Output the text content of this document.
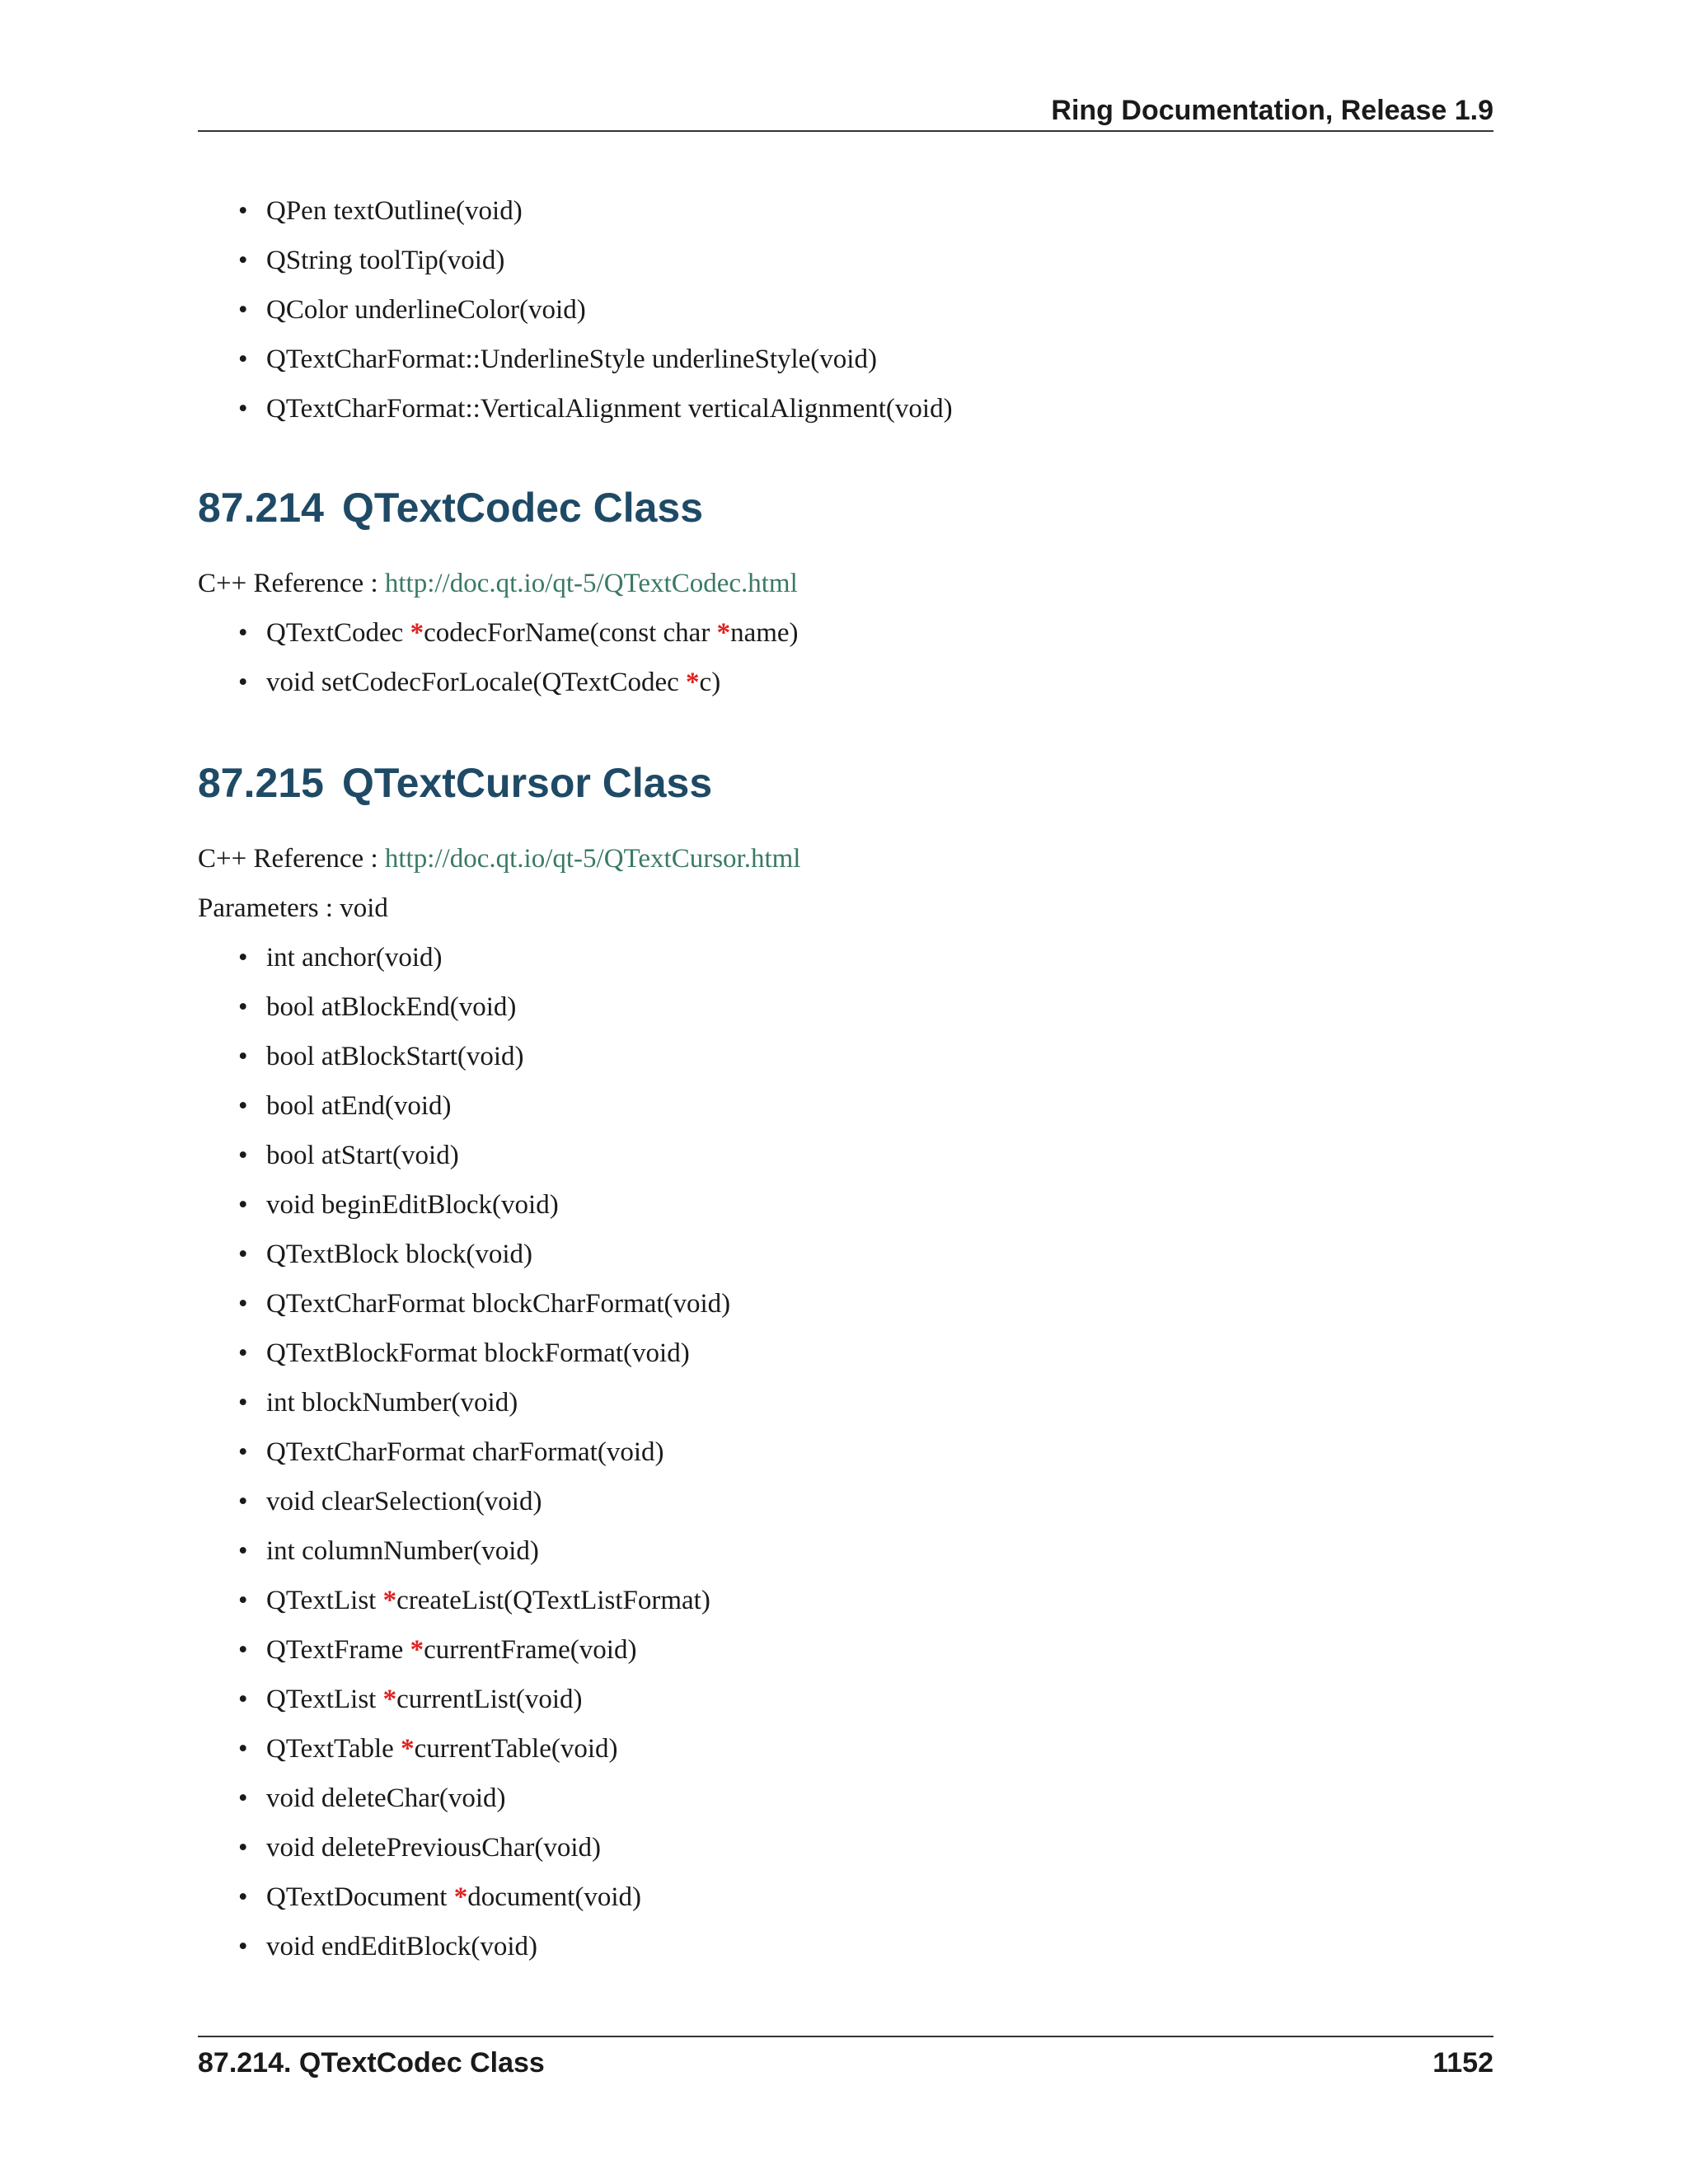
Ring Documentation, Release 1.9
• QPen textOutline(void)
• QString toolTip(void)
• QColor underlineColor(void)
• QTextCharFormat::UnderlineStyle underlineStyle(void)
• QTextCharFormat::VerticalAlignment verticalAlignment(void)
87.214 QTextCodec Class

C++ Reference : http://doc.qt.io/qt-5/QTextCodec.html

• QTextCodec *codecForName(const char *name)
• void setCodecForLocale(QTextCodec *c)
87.215 QTextCursor Class

C++ Reference : http://doc.qt.io/qt-5/QTextCursor.html

Parameters : void

• int anchor(void)
• bool atBlockEnd(void)
• bool atBlockStart(void)
• bool atEnd(void)
• bool atStart(void)
• void beginEditBlock(void)
• QTextBlock block(void)
• QTextCharFormat blockCharFormat(void)
• QTextBlockFormat blockFormat(void)
• int blockNumber(void)
• QTextCharFormat charFormat(void)
• void clearSelection(void)
• int columnNumber(void)
• QTextList *createList(QTextListFormat)
• QTextFrame *currentFrame(void)
• QTextList *currentList(void)
• QTextTable *currentTable(void)
• void deleteChar(void)
• void deletePreviousChar(void)
• QTextDocument *document(void)
• void endEditBlock(void)
87.214. QTextCodec Class	1152
